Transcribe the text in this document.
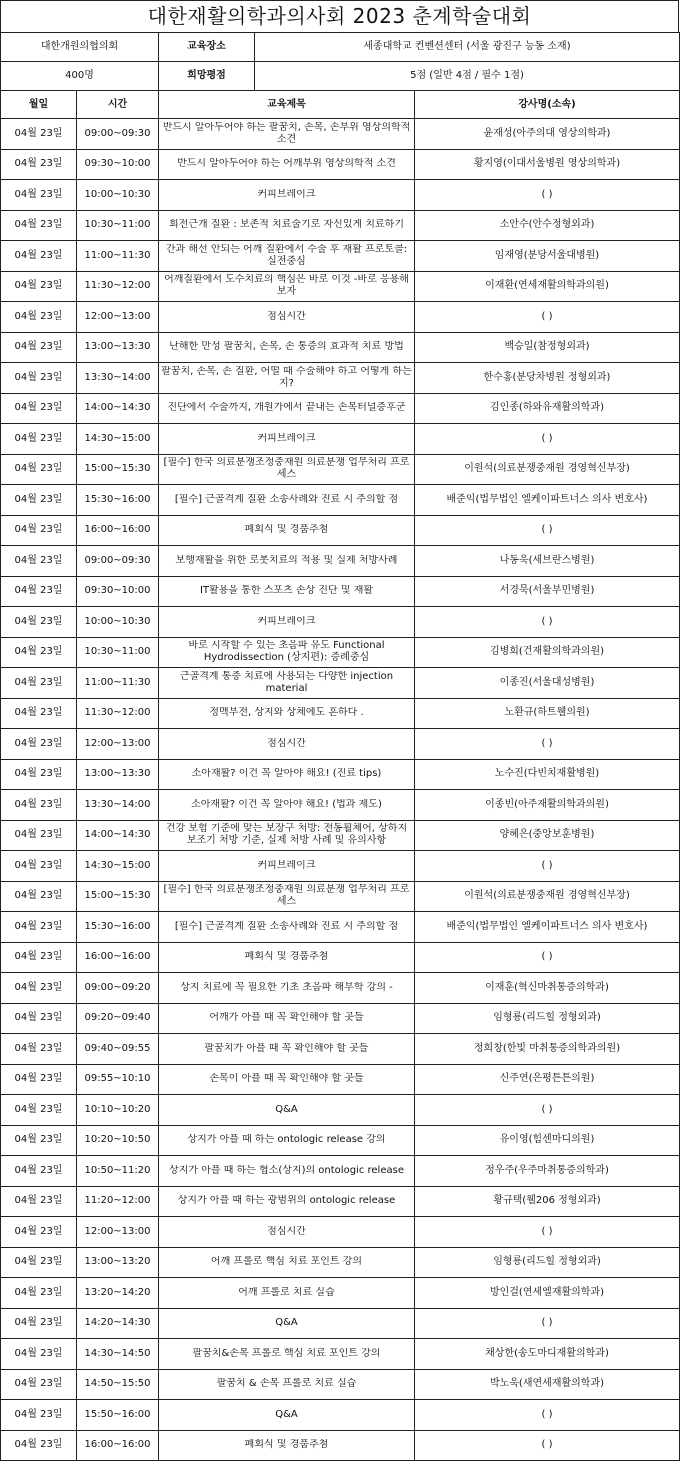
대한재활의학과의사회 2023 춘계학술대회
대한개원의협의회		교육장소 세종대학교 컨벤션센터 (서울 광진구 능동 소재)	

400명		희망평점 5점 (일반 4점 / 필수 1점)	

월일	시간	교육제목	강사명(소속)
04월 23일	09:00~09:30	반드시 알아두어야 하는 팔꿈치, 손목, 손부위 영상의학적 소견	윤재성(아주의대 영상의학과)
04월 23일	09:30~10:00	반드시 알아두어야 하는 어깨부위 영상의학적 소견	황지영(이대서울병원 영상의학과)
04월 23일	10:00~10:30	커피브레이크	( )
04월 23일	10:30~11:00	회전근개 질환 : 보존적 치료술기로 자신있게 치료하기	소안수(안수정형외과)
04월 23일	11:00~11:30	간과 해선 안되는 어깨 질환에서 수술 후 재활 프로토콜: 실전중심	임재영(분당서울대병원)
04월 23일	11:30~12:00	어깨질환에서 도수치료의 핵심은 바로 이것 -바로 응용해 보자	이재환(연세재활의학과의원)
04월 23일	12:00~13:00	점심시간	( )
04월 23일	13:00~13:30	난해한 만성 팔꿈치, 손목, 손 통증의 효과적 치료 방법	백승일(참정형외과)
04월 23일	13:30~14:00	팔꿈치, 손목, 손 질환, 어떨 때 수술해야 하고 어떻게 하는지?	한수홍(분당차병원 정형외과)
04월 23일	14:00~14:30	진단에서 수술까지, 개원가에서 끝내는 손목터널증후군	김인종(하와유재활의학과)
04월 23일	14:30~15:00	커피브레이크	( )
04월 23일	15:00~15:30	[필수] 한국 의료분쟁조정중재원 의료분쟁 업무처리 프로세스	이원석(의료분쟁중재원 경영혁신부장)
04월 23일	15:30~16:00	[필수] 근골격계 질환 소송사례와 진료 시 주의할 점	배준익(법무법인 엘케이파트너스 의사 변호사)
04월 23일	16:00~16:00	폐회식 및 경품추첨	( )
04월 23일	09:00~09:30	보행재활을 위한 로봇치료의 적용 및 실제 처방사례	나동욱(세브란스병원)
04월 23일	09:30~10:00	IT활용을 통한 스포츠 손상 진단 및 재활	서경묵(서울부민병원)
04월 23일	10:00~10:30	커피브레이크	( )
04월 23일	10:30~11:00	바로 시작할 수 있는 초음파 유도 Functional Hydrodissection (상지편): 증례중심	김병희(건재활의학과의원)
04월 23일	11:00~11:30	근골격계 통증 치료에 사용되는 다양한 injection material	이종진(서울대성병원)
04월 23일	11:30~12:00	정맥부전, 상지와 상체에도 흔하다 .	노환규(하트웰의원)
04월 23일	12:00~13:00	점심시간	( )
04월 23일	13:00~13:30	소아재활? 이건 꼭 알아야 해요! (진료 tips)	노수진(다빈치재활병원)
04월 23일	13:30~14:00	소아재활? 이건 꼭 알아야 해요! (법과 제도)	이종빈(아주재활의학과의원)
04월 23일	14:00~14:30	건강 보험 기준에 맞는 보장구 처방: 전동휠체어, 상하지 보조기 처방 기준, 실제 처방 사례 및 유의사항	양혜은(중앙보훈병원)
04월 23일	14:30~15:00	커피브레이크	( )
04월 23일	15:00~15:30	[필수] 한국 의료분쟁조정중재원 의료분쟁 업무처리 프로세스	이원석(의료분쟁중재원 경영혁신부장)
04월 23일	15:30~16:00	[필수] 근골격계 질환 소송사례와 진료 시 주의할 점	배준익(법무법인 엘케이파트너스 의사 변호사)
04월 23일	16:00~16:00	폐회식 및 경품추첨	( )
04월 23일	09:00~09:20	상지 치료에 꼭 필요한 기초 초음파 해부학 강의 -	이재훈(혁신마취통증의학과)
04월 23일	09:20~09:40	어깨가 아플 때 꼭 확인해야 할 곳들	임형룡(리드힐 정형외과)
04월 23일	09:40~09:55	팔꿈치가 아플 때 꼭 확인해야 할 곳들	정희창(한빛 마취통증의학과의원)
04월 23일	09:55~10:10	손목이 아플 때 꼭 확인해야 할 곳들	신주연(은평튼튼의원)
04월 23일	10:10~10:20	Q&A	( )
04월 23일	10:20~10:50	상지가 아플 때 하는 ontologic release 강의	유이영(힘센마디의원)
04월 23일	10:50~11:20	상지가 아플 때 하는 협소(상지)의 ontologic release	정우주(우주마취통증의학과)
04월 23일	11:20~12:00	상지가 아플 때 하는 광범위의 ontologic release	황규택(웰206 정형외과)
04월 23일	12:00~13:00	점심시간	( )
04월 23일	13:00~13:20	어깨 프롤로 핵심 치료 포인트 강의	임형룡(리드힐 정형외과)
04월 23일	13:20~14:20	어깨 프롤로 치료 실습	방인걸(연세엘재활의학과)
04월 23일	14:20~14:30	Q&A	( )
04월 23일	14:30~14:50	팔꿈치&손목 프롤로 핵심 치료 포인트 강의	채상한(송도마디재활의학과)
04월 23일	14:50~15:50	팔꿈치 & 손목 프롤로 치료 실습	박노욱(새연세재활의학과)
04월 23일	15:50~16:00	Q&A	( )
04월 23일	16:00~16:00	폐회식 및 경품추첨	( )
